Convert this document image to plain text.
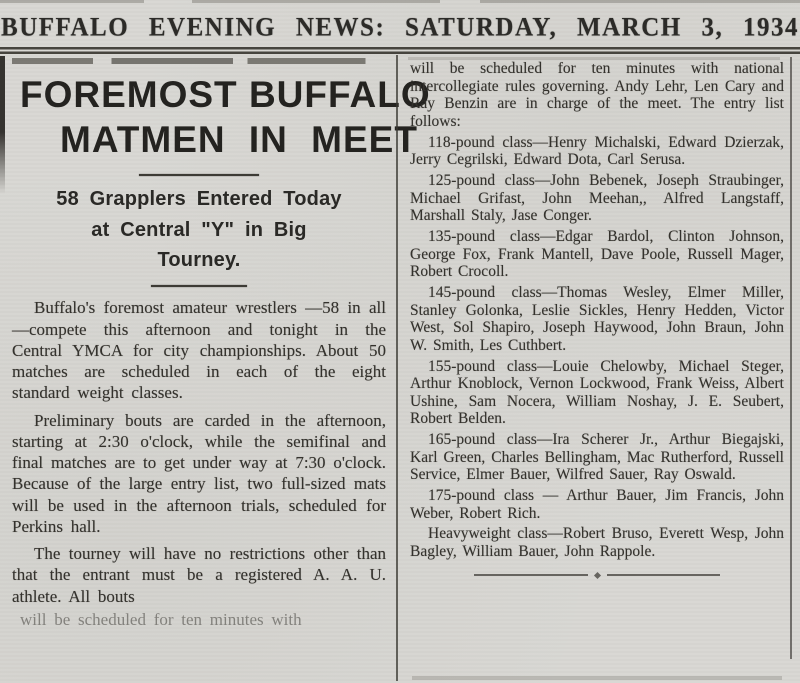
BUFFALO EVENING NEWS: SATURDAY, MARCH 3, 1934
FOREMOST BUFFALO
MATMEN IN MEET
58 Grapplers Entered Today
at Central "Y" in Big
Tourney.

Buffalo's foremost amateur wrestlers —58 in all—compete this afternoon and tonight in the Central YMCA for city championships. About 50 matches are scheduled in each of the eight standard weight classes.

Preliminary bouts are carded in the afternoon, starting at 2:30 o'clock, while the semifinal and final matches are to get under way at 7:30 o'clock. Because of the large entry list, two full-sized mats will be used in the afternoon trials, scheduled for Perkins hall.

The tourney will have no restrictions other than that the entrant must be a registered A. A. U. athlete. All bouts

will be scheduled for ten minutes with

will be scheduled for ten minutes with national intercollegiate rules governing. Andy Lehr, Len Cary and Ray Benzin are in charge of the meet. The entry list follows:

118-pound class—Henry Michalski, Edward Dzierzak, Jerry Cegrilski, Edward Dota, Carl Serusa.

125-pound class—John Bebenek, Joseph Straubinger, Michael Grifast, John Meehan,, Alfred Langstaff, Marshall Staly, Jase Conger.

135-pound class—Edgar Bardol, Clinton Johnson, George Fox, Frank Mantell, Dave Poole, Russell Mager, Robert Crocoll.

145-pound class—Thomas Wesley, Elmer Miller, Stanley Golonka, Leslie Sickles, Henry Hedden, Victor West, Sol Shapiro, Joseph Haywood, John Braun, John W. Smith, Les Cuthbert.

155-pound class—Louie Chelowby, Michael Steger, Arthur Knoblock, Vernon Lockwood, Frank Weiss, Albert Ushine, Sam Nocera, William Noshay, J. E. Seubert, Robert Belden.

165-pound class—Ira Scherer Jr., Arthur Biegajski, Karl Green, Charles Bellingham, Mac Rutherford, Russell Service, Elmer Bauer, Wilfred Sauer, Ray Oswald.

175-pound class — Arthur Bauer, Jim Francis, John Weber, Robert Rich.

Heavyweight class—Robert Bruso, Everett Wesp, John Bagley, William Bauer, John Rappole.
